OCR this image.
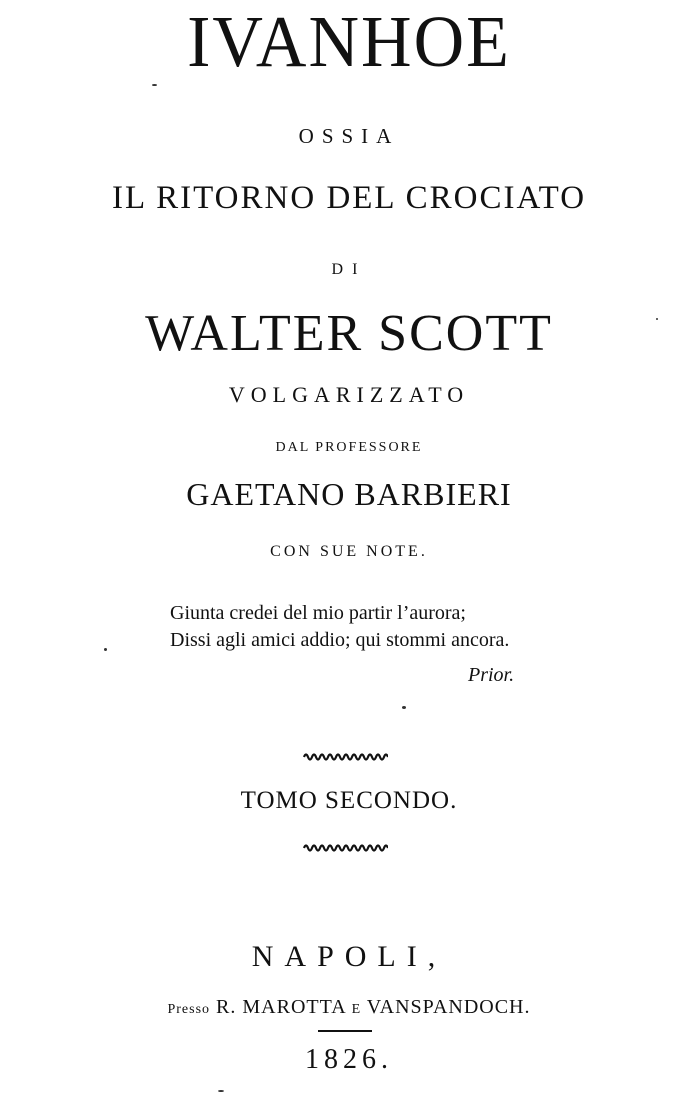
IVANHOE
OSSIA
IL RITORNO DEL CROCIATO
DI
WALTER SCOTT
VOLGARIZZATO
DAL PROFESSORE
GAETANO BARBIERI
CON SUE NOTE.
Giunta credei del mio partir l’aurora;
Dissi agli amici addio; qui stommi ancora.
Prior.
TOMO SECONDO.
NAPOLI,
Presso R. MAROTTA E VANSPANDOCH.
1826.
